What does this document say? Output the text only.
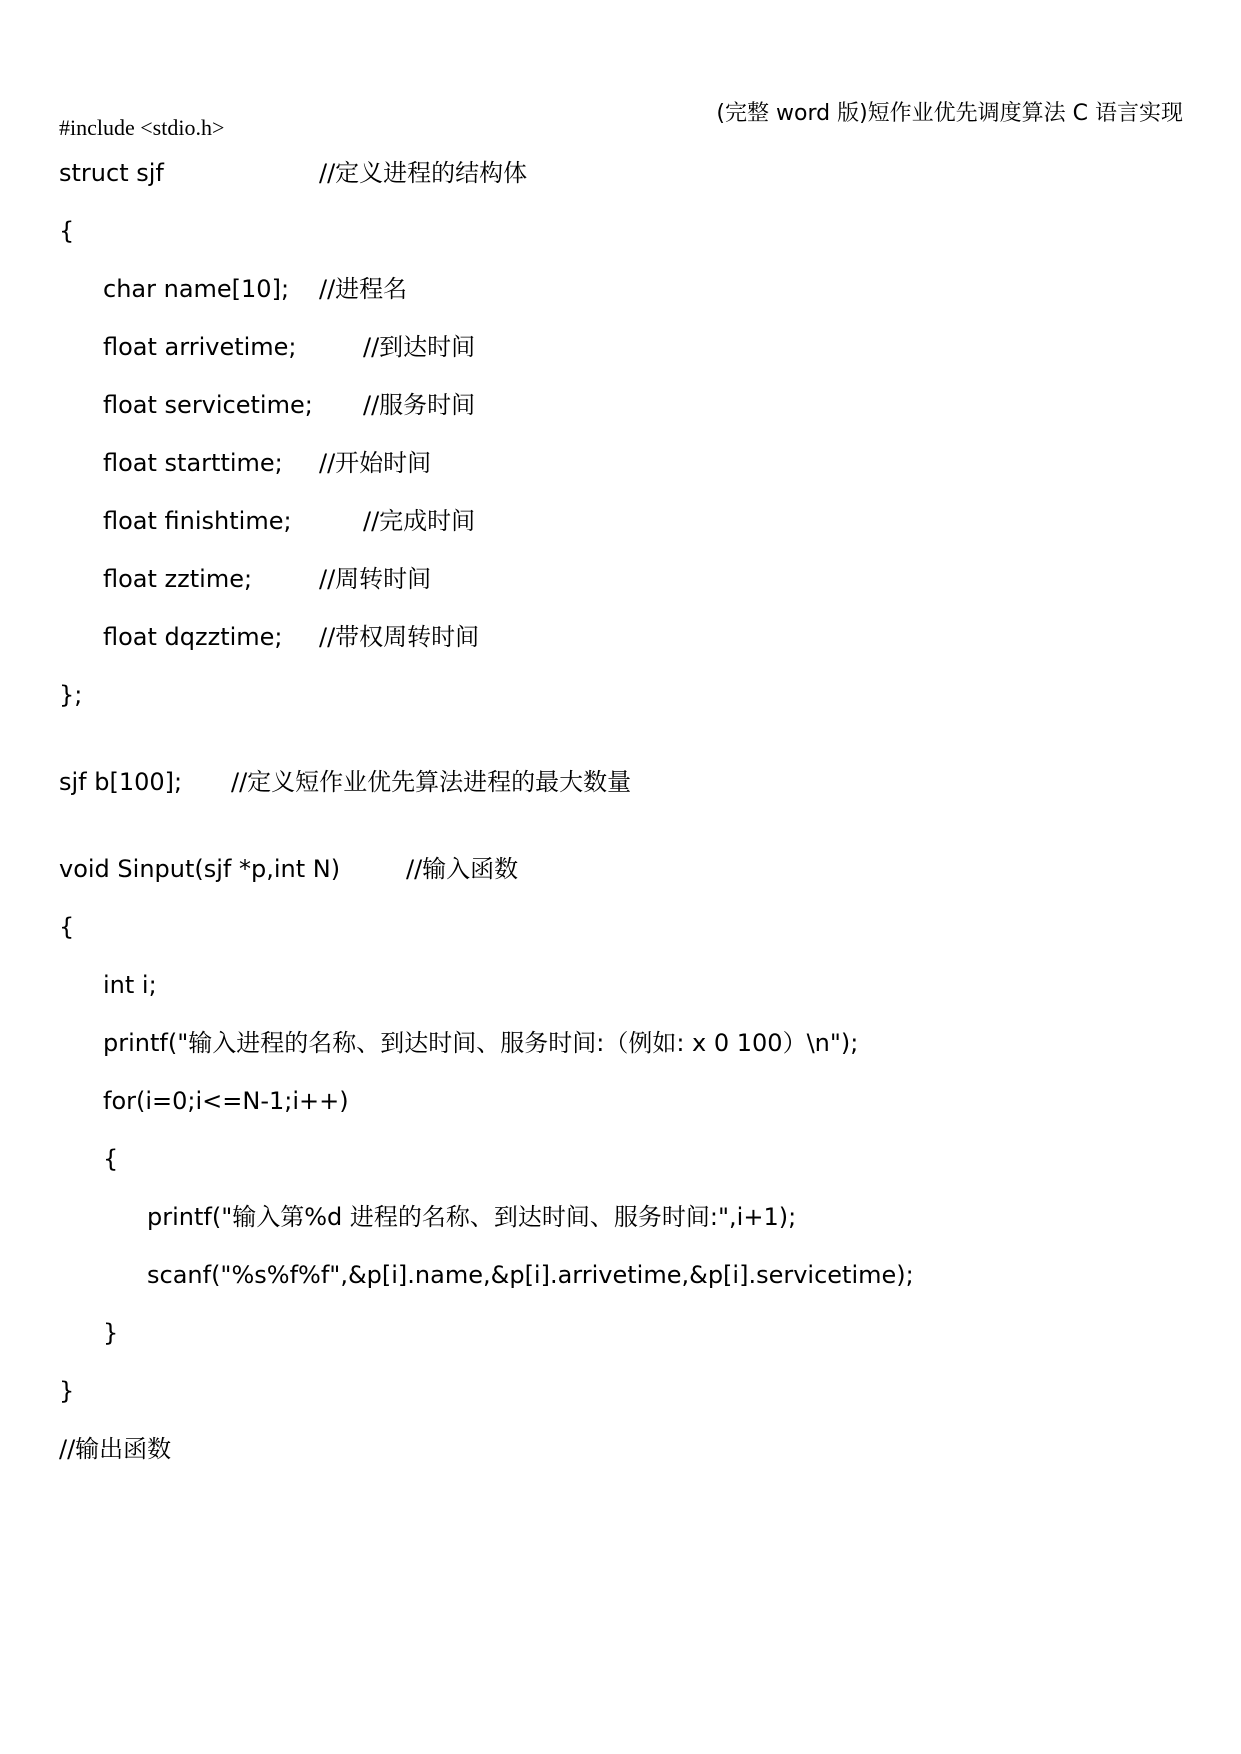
(完整 word 版)短作业优先调度算法 C 语言实现
#include <stdio.h>
struct sjf	//定义进程的结构体
{
char name[10]; //进程名
float arrivetime;	//到达时间
float servicetime; //服务时间
float starttime; //开始时间
float finishtime;	//完成时间
float zztime;	//周转时间
float dqzztime; //带权周转时间
};
sjf b[100]; //定义短作业优先算法进程的最大数量
void Sinput(sjf *p,int N)	//输入函数
{
int i;
printf("输入进程的名称、到达时间、服务时间:（例如: x 0 100）\n");
for(i=0;i<=N-1;i++)
{
printf("输入第%d 进程的名称、到达时间、服务时间:",i+1);
scanf("%s%f%f",&p[i].name,&p[i].arrivetime,&p[i].servicetime);
}
}
//输出函数
